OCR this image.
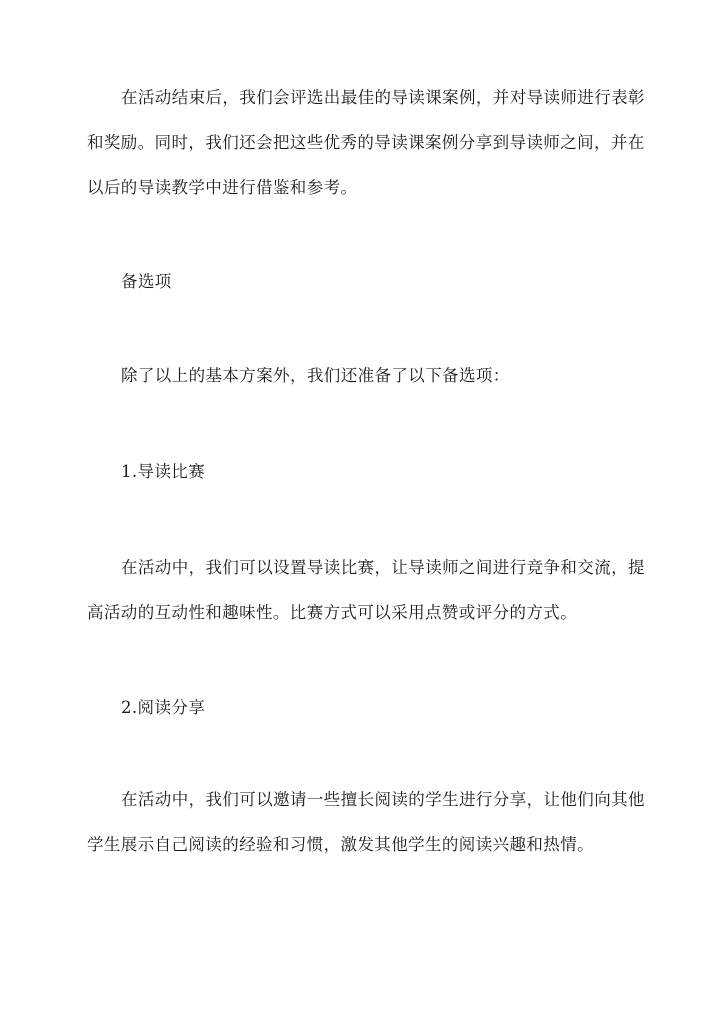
在活动结束后，我们会评选出最佳的导读课案例，并对导读师进行表彰和奖励。同时，我们还会把这些优秀的导读课案例分享到导读师之间，并在以后的导读教学中进行借鉴和参考。

备选项

除了以上的基本方案外，我们还准备了以下备选项：

1.导读比赛

在活动中，我们可以设置导读比赛，让导读师之间进行竞争和交流，提高活动的互动性和趣味性。比赛方式可以采用点赞或评分的方式。

2.阅读分享

在活动中，我们可以邀请一些擅长阅读的学生进行分享，让他们向其他学生展示自己阅读的经验和习惯，激发其他学生的阅读兴趣和热情。
